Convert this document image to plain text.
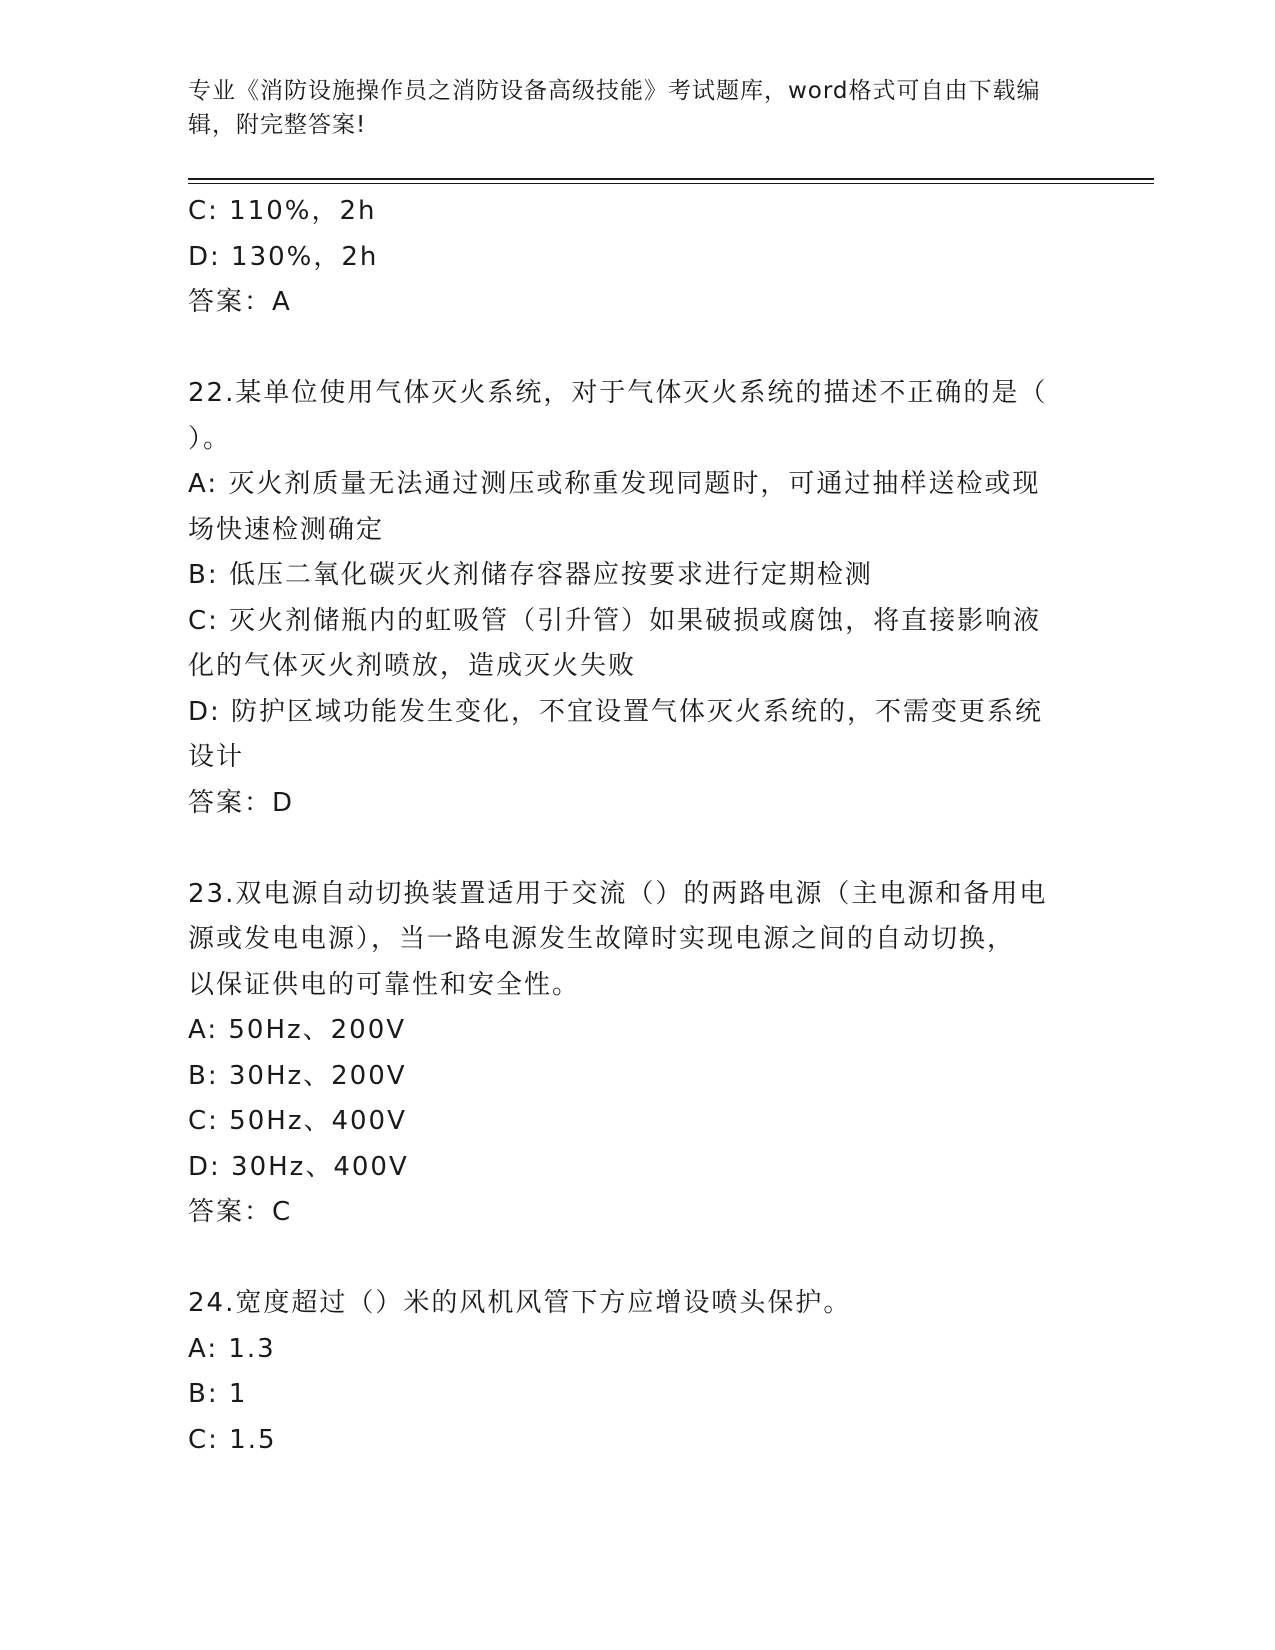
专业《消防设施操作员之消防设备高级技能》考试题库，word格式可自由下载编
辑，附完整答案!
C: 110%，2h
D: 130%，2h
答案：A
22.某单位使用气体灭火系统，对于气体灭火系统的描述不正确的是（
）。
A: 灭火剂质量无法通过测压或称重发现同题时，可通过抽样送检或现
场快速检测确定
B: 低压二氧化碳灭火剂储存容器应按要求进行定期检测
C: 灭火剂储瓶内的虹吸管（引升管）如果破损或腐蚀，将直接影响液
化的气体灭火剂喷放，造成灭火失败
D: 防护区域功能发生变化，不宜设置气体灭火系统的，不需变更系统
设计
答案：D
23.双电源自动切换装置适用于交流（）的两路电源（主电源和备用电
源或发电电源），当一路电源发生故障时实现电源之间的自动切换，
以保证供电的可靠性和安全性。
A: 50Hz、200V
B: 30Hz、200V
C: 50Hz、400V
D: 30Hz、400V
答案：C
24.宽度超过（）米的风机风管下方应增设喷头保护。
A: 1.3
B: 1
C: 1.5
